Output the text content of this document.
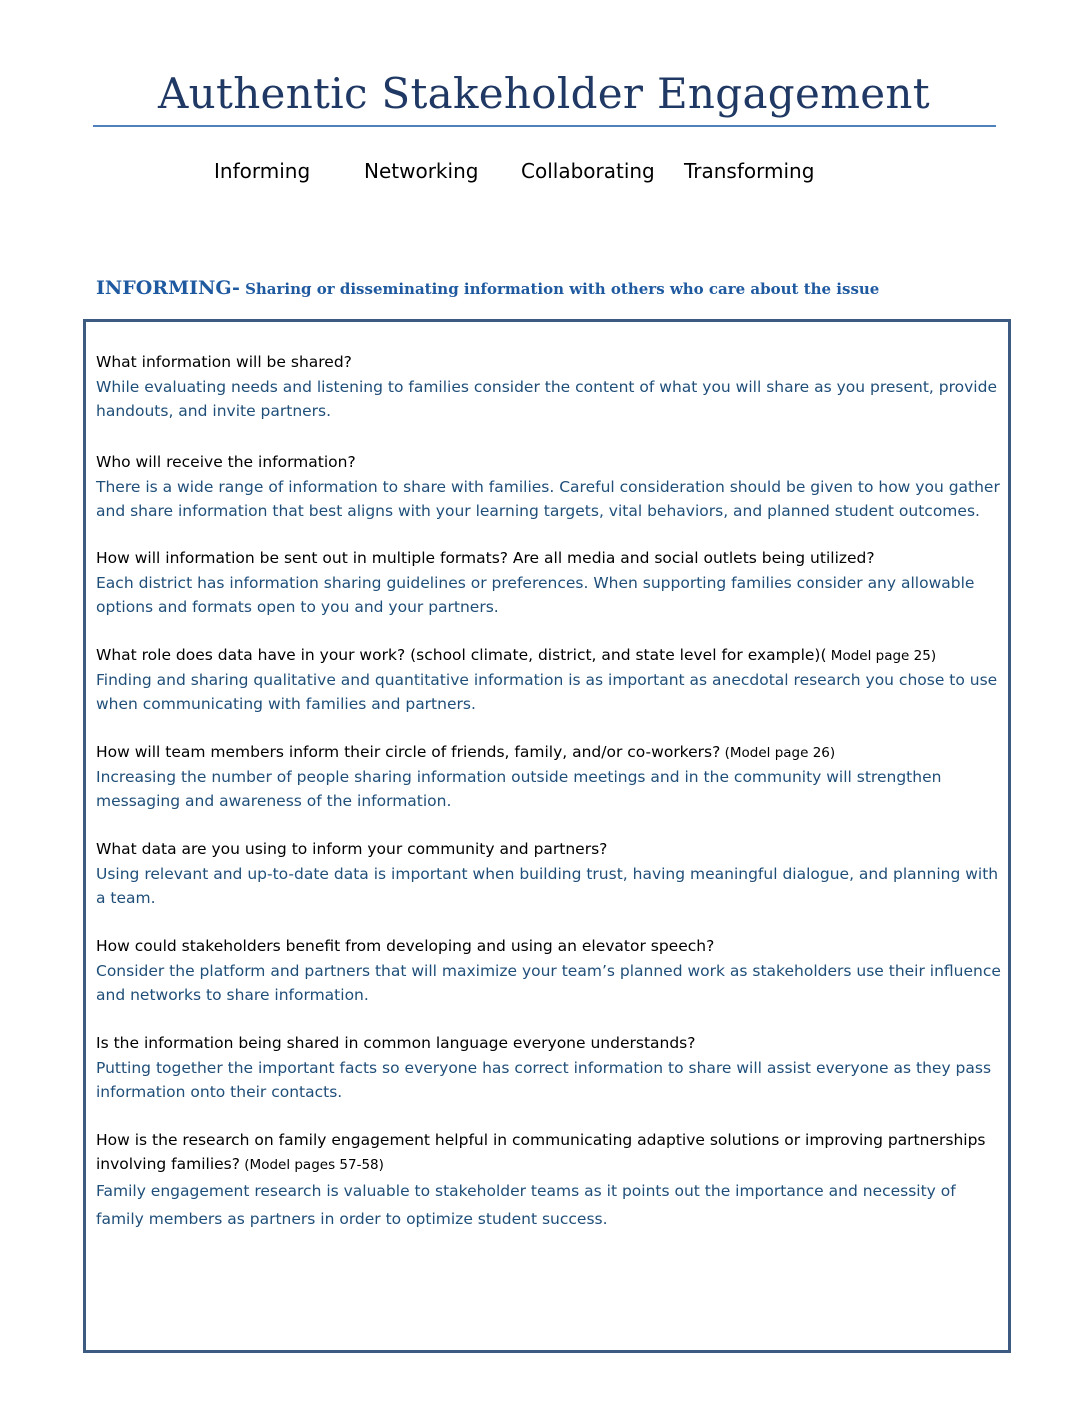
Authentic Stakeholder Engagement
Informing	Networking Collaborating Transforming
INFORMING- Sharing or disseminating information with others who care about the issue
What information will be shared?
While evaluating needs and listening to families consider the content of what you will share as you present, provide handouts, and invite partners.
Who will receive the information?
There is a wide range of information to share with families. Careful consideration should be given to how you gather and share information that best aligns with your learning targets, vital behaviors, and planned student outcomes.
How will information be sent out in multiple formats? Are all media and social outlets being utilized?
Each district has information sharing guidelines or preferences. When supporting families consider any allowable options and formats open to you and your partners.
What role does data have in your work? (school climate, district, and state level for example)( Model page 25)
Finding and sharing qualitative and quantitative information is as important as anecdotal research you chose to use when communicating with families and partners.
How will team members inform their circle of friends, family, and/or co-workers? (Model page 26)
Increasing the number of people sharing information outside meetings and in the community will strengthen messaging and awareness of the information.
What data are you using to inform your community and partners?
Using relevant and up-to-date data is important when building trust, having meaningful dialogue, and planning with a team.
How could stakeholders benefit from developing and using an elevator speech?
Consider the platform and partners that will maximize your team’s planned work as stakeholders use their influence and networks to share information.
Is the information being shared in common language everyone understands?
Putting together the important facts so everyone has correct information to share will assist everyone as they pass information onto their contacts.
How is the research on family engagement helpful in communicating adaptive solutions or improving partnerships involving families? (Model pages 57-58)
Family engagement research is valuable to stakeholder teams as it points out the importance and necessity of family members as partners in order to optimize student success.
